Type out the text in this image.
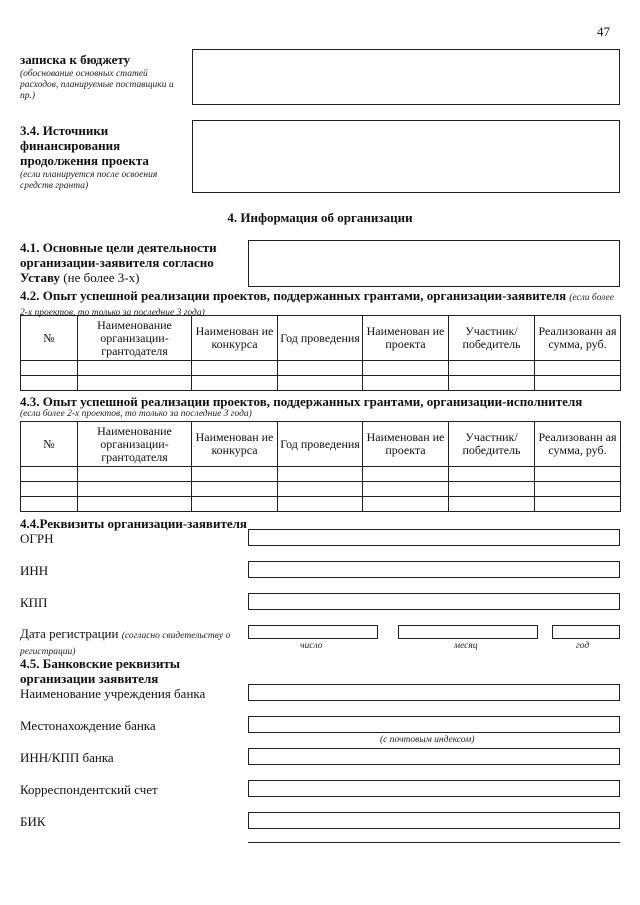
47
записка к бюджету
(обоснование основных статей расходов, планируемые поставщики и пр.)
3.4. Источники финансирования продолжения проекта
(если планируется после освоения средств гранта)
4. Информация об организации
4.1. Основные цели деятельности организации-заявителя согласно Уставу (не более 3-х)
4.2. Опыт успешной реализации проектов, поддержанных грантами, организации-заявителя (если более 2-х проектов, то только за последние 3 года)
№	Наименование организации-грантодателя	Наименован ие конкурса	Год проведения	Наименован ие проекта	Участник/ победитель	Реализованн ая сумма, руб.

4.3. Опыт успешной реализации проектов, поддержанных грантами, организации-исполнителя
(если более 2-х проектов, то только за последние 3 года)
№	Наименование организации-грантодателя	Наименован ие конкурса	Год проведения	Наименован ие проекта	Участник/ победитель	Реализованн ая сумма, руб.

4.4.Реквизиты организации-заявителя
ОГРН
ИНН
КПП
Дата регистрации (согласно свидетельству о регистрации)
число	месяц	год
4.5. Банковские реквизиты организации заявителя
Наименование учреждения банка
Местонахождение банка
(с почтовым индексом)
ИНН/КПП банка
Корреспондентский счет
БИК
